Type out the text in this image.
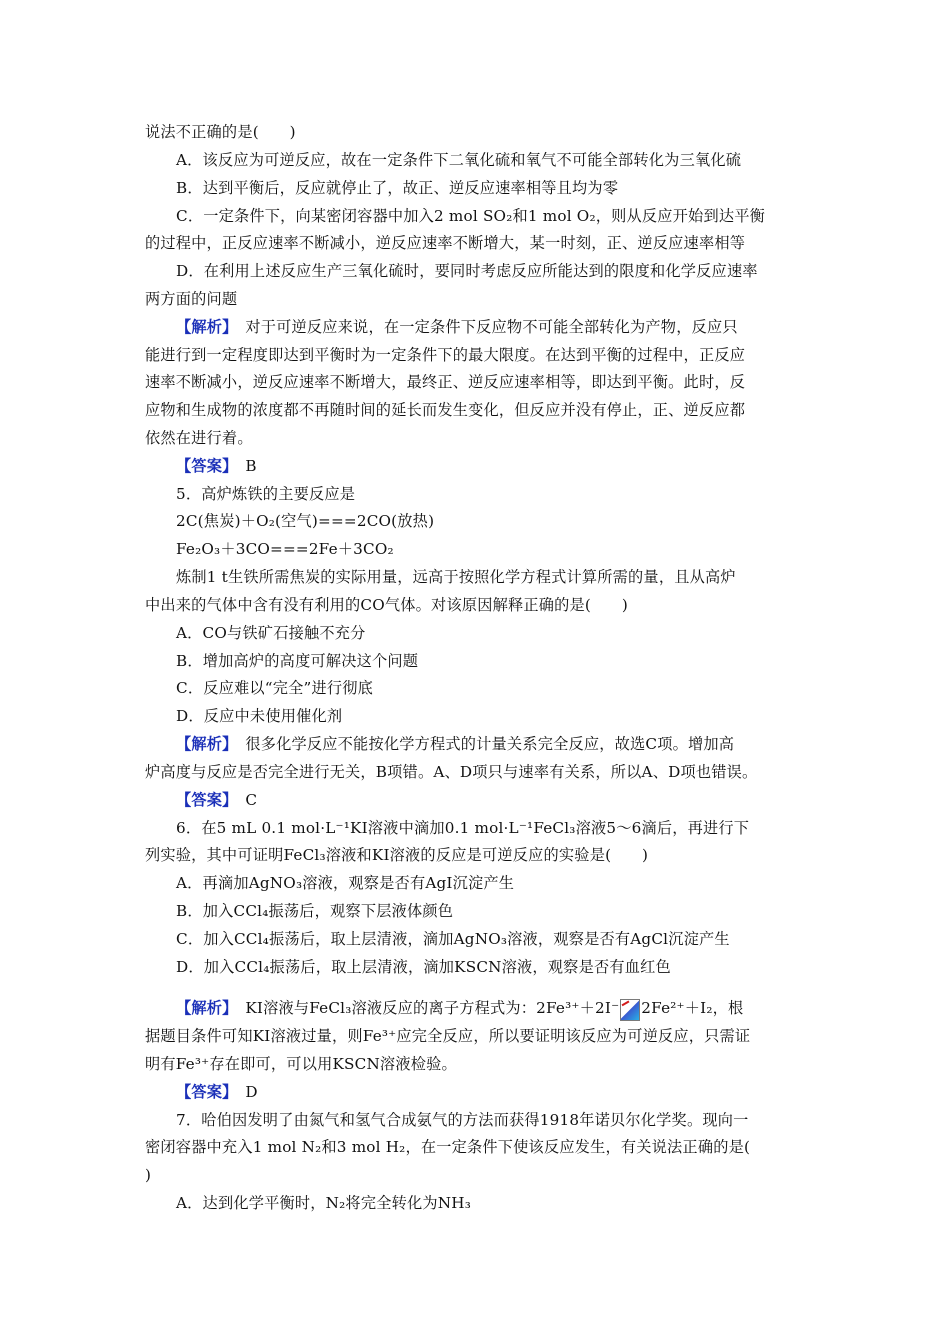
说法不正确的是(　　)
A．该反应为可逆反应，故在一定条件下二氧化硫和氧气不可能全部转化为三氧化硫
B．达到平衡后，反应就停止了，故正、逆反应速率相等且均为零
C．一定条件下，向某密闭容器中加入2 mol SO₂和1 mol O₂，则从反应开始到达平衡
的过程中，正反应速率不断减小，逆反应速率不断增大，某一时刻，正、逆反应速率相等
D．在利用上述反应生产三氧化硫时，要同时考虑反应所能达到的限度和化学反应速率
两方面的问题
【解析】　对于可逆反应来说，在一定条件下反应物不可能全部转化为产物，反应只
能进行到一定程度即达到平衡时为一定条件下的最大限度。在达到平衡的过程中，正反应
速率不断减小，逆反应速率不断增大，最终正、逆反应速率相等，即达到平衡。此时，反
应物和生成物的浓度都不再随时间的延长而发生变化，但反应并没有停止，正、逆反应都
依然在进行着。
【答案】　B
5．高炉炼铁的主要反应是
2C(焦炭)＋O₂(空气)===2CO(放热)
Fe₂O₃＋3CO===2Fe＋3CO₂
炼制1 t生铁所需焦炭的实际用量，远高于按照化学方程式计算所需的量，且从高炉
中出来的气体中含有没有利用的CO气体。对该原因解释正确的是(　　)
A．CO与铁矿石接触不充分
B．增加高炉的高度可解决这个问题
C．反应难以“完全”进行彻底
D．反应中未使用催化剂
【解析】　很多化学反应不能按化学方程式的计量关系完全反应，故选C项。增加高
炉高度与反应是否完全进行无关，B项错。A、D项只与速率有关系，所以A、D项也错误。
【答案】　C
6．在5 mL 0.1 mol·L⁻¹KI溶液中滴加0.1 mol·L⁻¹FeCl₃溶液5～6滴后，再进行下
列实验，其中可证明FeCl₃溶液和KI溶液的反应是可逆反应的实验是(　　)
A．再滴加AgNO₃溶液，观察是否有AgI沉淀产生
B．加入CCl₄振荡后，观察下层液体颜色
C．加入CCl₄振荡后，取上层清液，滴加AgNO₃溶液，观察是否有AgCl沉淀产生
D．加入CCl₄振荡后，取上层清液，滴加KSCN溶液，观察是否有血红色
【解析】　KI溶液与FeCl₃溶液反应的离子方程式为：2Fe³⁺＋2I⁻ 2Fe²⁺＋I₂，根
据题目条件可知KI溶液过量，则Fe³⁺应完全反应，所以要证明该反应为可逆反应，只需证
明有Fe³⁺存在即可，可以用KSCN溶液检验。
【答案】　D
7．哈伯因发明了由氮气和氢气合成氨气的方法而获得1918年诺贝尔化学奖。现向一
密闭容器中充入1 mol N₂和3 mol H₂，在一定条件下使该反应发生，有关说法正确的是(
)
A．达到化学平衡时，N₂将完全转化为NH₃
